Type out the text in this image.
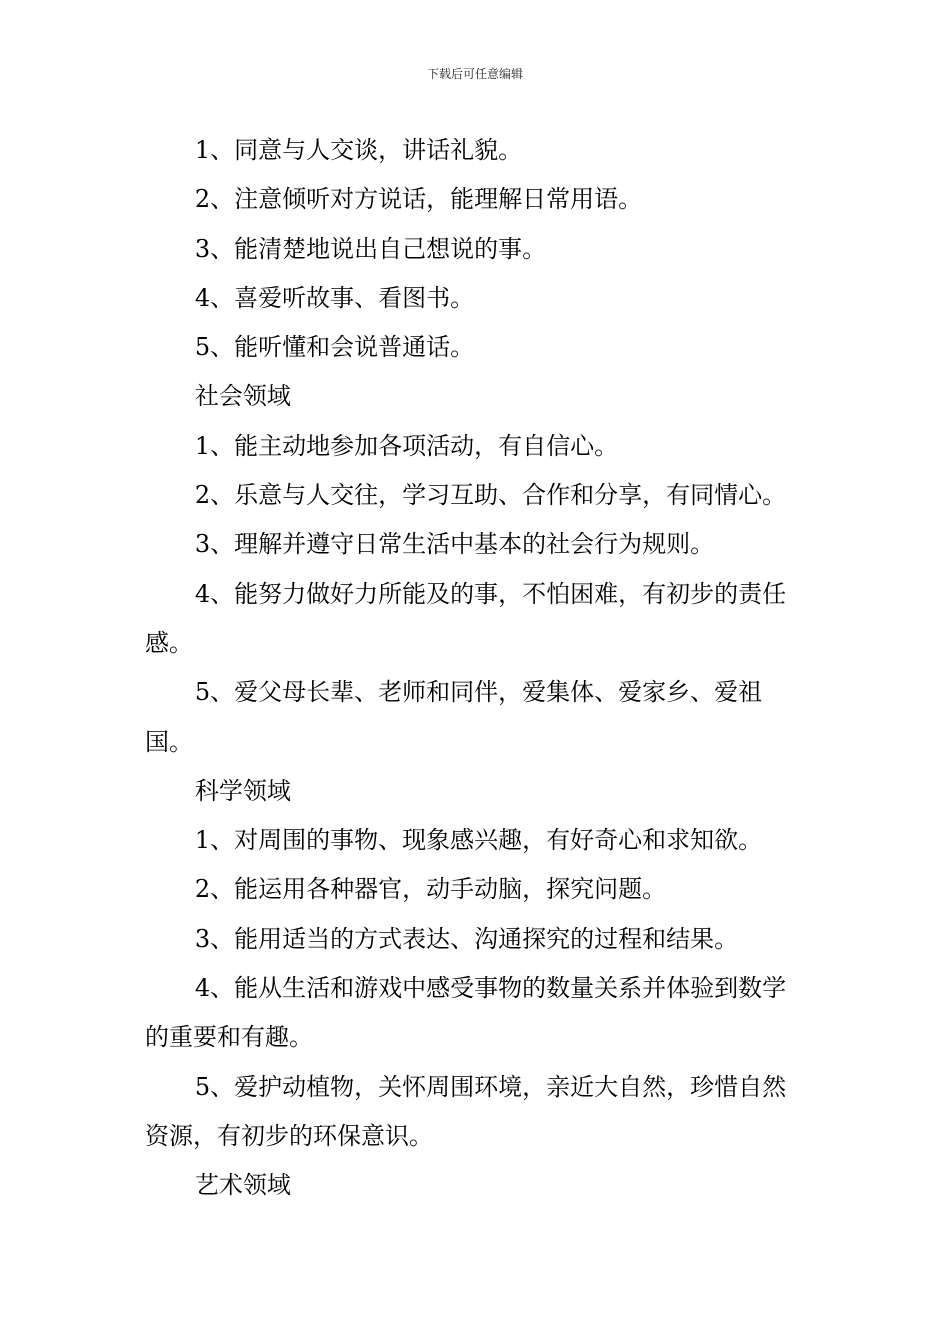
下载后可任意编辑

1、同意与人交谈，讲话礼貌。

2、注意倾听对方说话，能理解日常用语。

3、能清楚地说出自己想说的事。

4、喜爱听故事、看图书。

5、能听懂和会说普通话。

社会领域

1、能主动地参加各项活动，有自信心。

2、乐意与人交往，学习互助、合作和分享，有同情心。

3、理解并遵守日常生活中基本的社会行为规则。

4、能努力做好力所能及的事，不怕困难，有初步的责任感。

5、爱父母长辈、老师和同伴，爱集体、爱家乡、爱祖国。

科学领域

1、对周围的事物、现象感兴趣，有好奇心和求知欲。

2、能运用各种器官，动手动脑，探究问题。

3、能用适当的方式表达、沟通探究的过程和结果。

4、能从生活和游戏中感受事物的数量关系并体验到数学的重要和有趣。

5、爱护动植物，关怀周围环境，亲近大自然，珍惜自然资源，有初步的环保意识。

艺术领域
